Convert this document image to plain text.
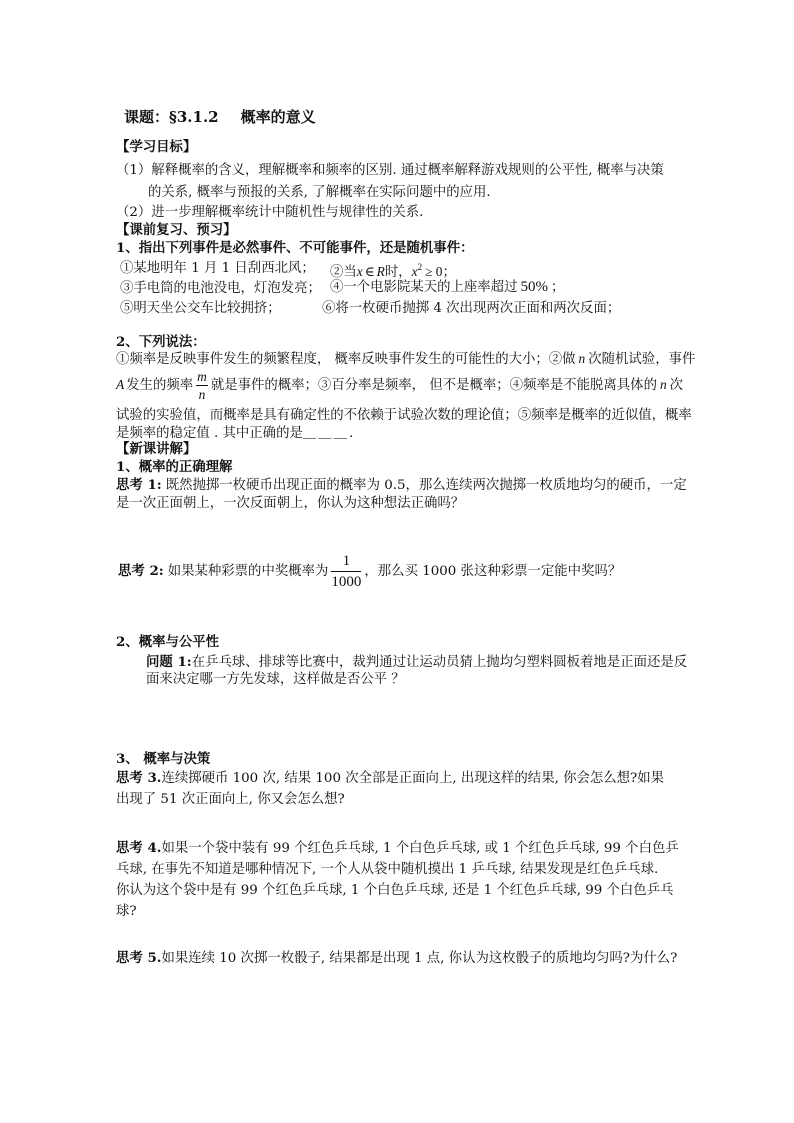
课题：§3.1.2 概率的意义
【学习目标】
（1）解释概率的含义，理解概率和频率的区别. 通过概率解释游戏规则的公平性, 概率与决策
的关系, 概率与预报的关系, 了解概率在实际问题中的应用.
（2）进一步理解概率统计中随机性与规律性的关系.
【课前复习、预习】
1、指出下列事件是必然事件、不可能事件，还是随机事件：
①某地明年 1 月 1 日刮西北风； ②当x ∈ R时，$x^2 \ge 0$；
③手电筒的电池没电，灯泡发亮； ④一个电影院某天的上座率超过 50% ；
⑤明天坐公交车比较拥挤；	⑥将一枚硬币抛掷 4 次出现两次正面和两次反面；
2、下列说法：
①频率是反映事件发生的频繁程度， 概率反映事件发生的可能性的大小；②做 n 次随机试验，事件
A 发生的频率 $\frac{m}{n}$ 就是事件的概率；③百分率是频率， 但不是概率；④频率是不能脱离具体的 n 次
试验的实验值，而概率是具有确定性的不依赖于试验次数的理论值；⑤频率是概率的近似值，概率
是频率的稳定值 . 其中正确的是＿＿＿.
【新课讲解】
1、概率的正确理解
思考 1: 既然抛掷一枚硬币出现正面的概率为 0.5，那么连续两次抛掷一枚质地均匀的硬币，一定
是一次正面朝上，一次反面朝上，你认为这种想法正确吗？
思考 2: 如果某种彩票的中奖概率为 $\frac{1}{1000}$ ，那么买 1000 张这种彩票一定能中奖吗？
2、概率与公平性
问题 1:在乒乓球、排球等比赛中，裁判通过让运动员猜上抛均匀塑料圆板着地是正面还是反
面来决定哪一方先发球，这样做是否公平 ？
3、 概率与决策
思考 3.连续掷硬币 100 次, 结果 100 次全部是正面向上, 出现这样的结果, 你会怎么想?如果
出现了 51 次正面向上, 你又会怎么想?
思考 4.如果一个袋中装有 99 个红色乒乓球, 1 个白色乒乓球, 或 1 个红色乒乓球, 99 个白色乒
乓球, 在事先不知道是哪种情况下, 一个人从袋中随机摸出 1 乒乓球, 结果发现是红色乒乓球.
你认为这个袋中是有 99 个红色乒乓球, 1 个白色乒乓球, 还是 1 个红色乒乓球, 99 个白色乒乓
球?
思考 5.如果连续 10 次掷一枚骰子, 结果都是出现 1 点, 你认为这枚骰子的质地均匀吗?为什么?
